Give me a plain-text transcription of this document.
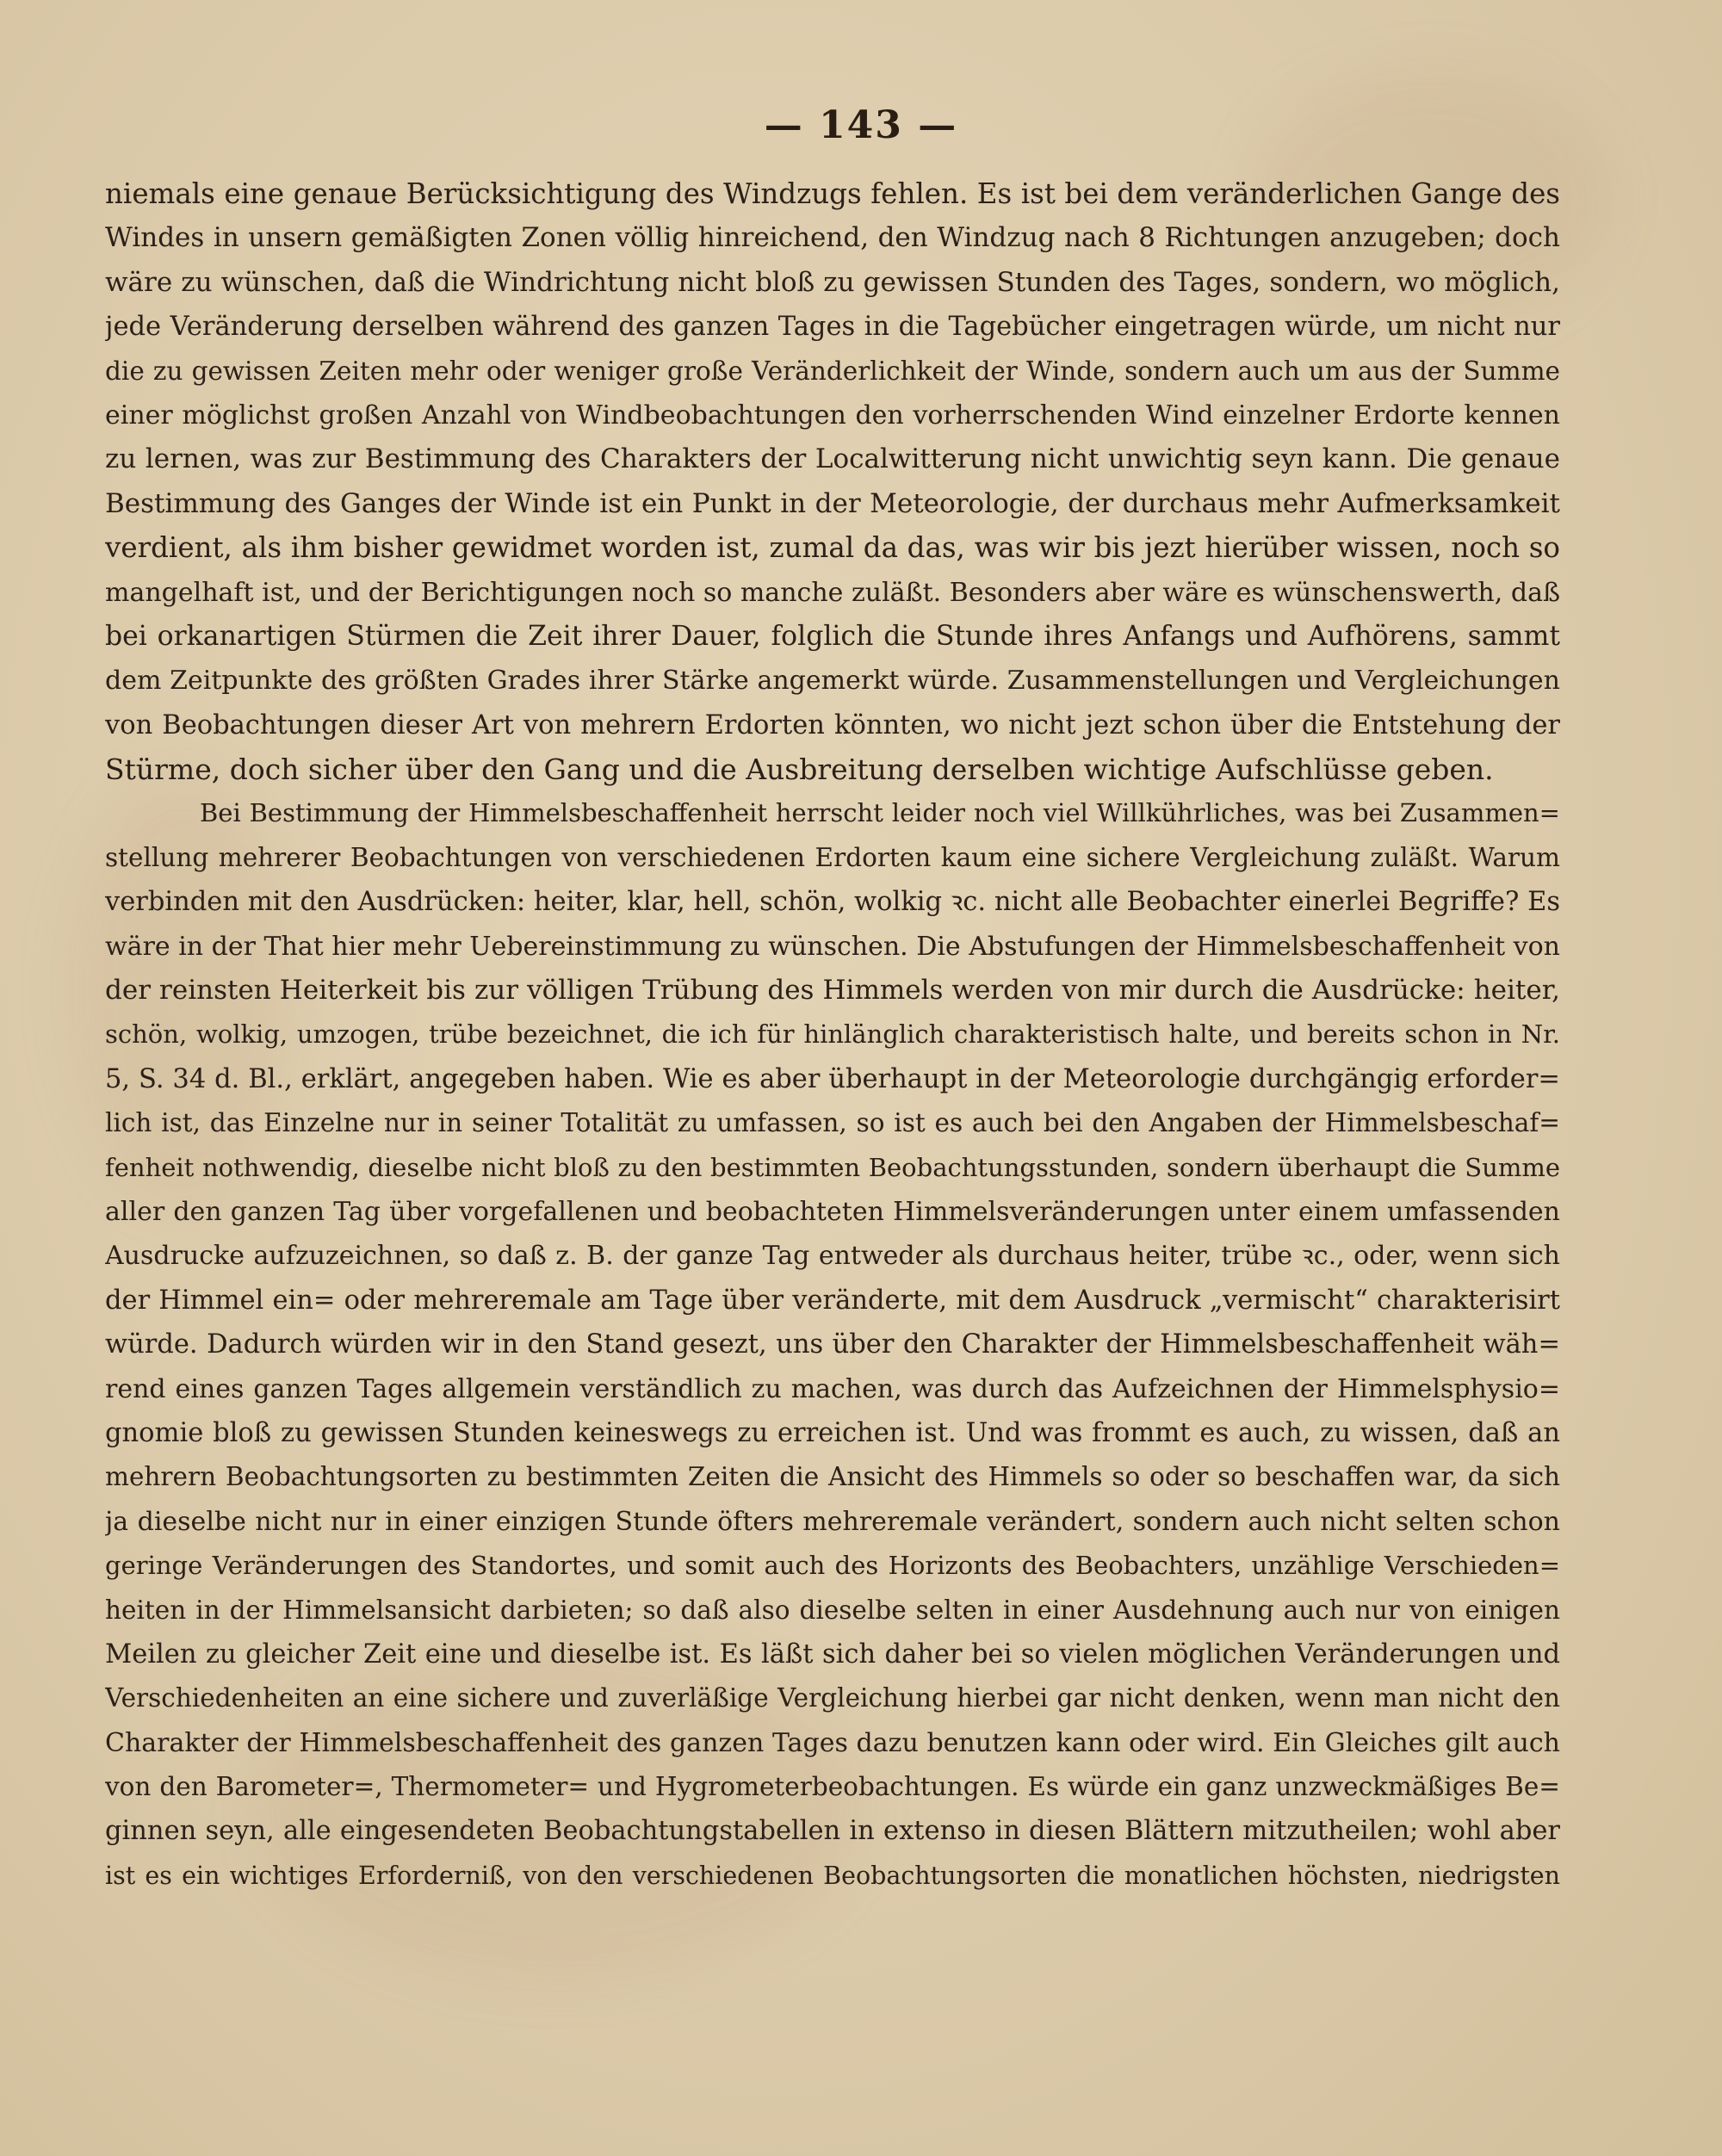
— 143 —
niemals eine genaue Berücksichtigung des Windzugs fehlen. Es ist bei dem veränderlichen Gange des
Windes in unsern gemäßigten Zonen völlig hinreichend, den Windzug nach 8 Richtungen anzugeben; doch
wäre zu wünschen, daß die Windrichtung nicht bloß zu gewissen Stunden des Tages, sondern, wo möglich,
jede Veränderung derselben während des ganzen Tages in die Tagebücher eingetragen würde, um nicht nur
die zu gewissen Zeiten mehr oder weniger große Veränderlichkeit der Winde, sondern auch um aus der Summe
einer möglichst großen Anzahl von Windbeobachtungen den vorherrschenden Wind einzelner Erdorte kennen
zu lernen, was zur Bestimmung des Charakters der Localwitterung nicht unwichtig seyn kann. Die genaue
Bestimmung des Ganges der Winde ist ein Punkt in der Meteorologie, der durchaus mehr Aufmerksamkeit
verdient, als ihm bisher gewidmet worden ist, zumal da das, was wir bis jezt hierüber wissen, noch so
mangelhaft ist, und der Berichtigungen noch so manche zuläßt. Besonders aber wäre es wünschenswerth, daß
bei orkanartigen Stürmen die Zeit ihrer Dauer, folglich die Stunde ihres Anfangs und Aufhörens, sammt
dem Zeitpunkte des größten Grades ihrer Stärke angemerkt würde. Zusammenstellungen und Vergleichungen
von Beobachtungen dieser Art von mehrern Erdorten könnten, wo nicht jezt schon über die Entstehung der
Stürme, doch sicher über den Gang und die Ausbreitung derselben wichtige Aufschlüsse geben.
Bei Bestimmung der Himmelsbeschaffenheit herrscht leider noch viel Willkührliches, was bei Zusammen=
stellung mehrerer Beobachtungen von verschiedenen Erdorten kaum eine sichere Vergleichung zuläßt. Warum
verbinden mit den Ausdrücken: heiter, klar, hell, schön, wolkig ꝛc. nicht alle Beobachter einerlei Begriffe? Es
wäre in der That hier mehr Uebereinstimmung zu wünschen. Die Abstufungen der Himmelsbeschaffenheit von
der reinsten Heiterkeit bis zur völligen Trübung des Himmels werden von mir durch die Ausdrücke: heiter,
schön, wolkig, umzogen, trübe bezeichnet, die ich für hinlänglich charakteristisch halte, und bereits schon in Nr.
5, S. 34 d. Bl., erklärt, angegeben haben. Wie es aber überhaupt in der Meteorologie durchgängig erforder=
lich ist, das Einzelne nur in seiner Totalität zu umfassen, so ist es auch bei den Angaben der Himmelsbeschaf=
fenheit nothwendig, dieselbe nicht bloß zu den bestimmten Beobachtungsstunden, sondern überhaupt die Summe
aller den ganzen Tag über vorgefallenen und beobachteten Himmelsveränderungen unter einem umfassenden
Ausdrucke aufzuzeichnen, so daß z. B. der ganze Tag entweder als durchaus heiter, trübe ꝛc., oder, wenn sich
der Himmel ein= oder mehreremale am Tage über veränderte, mit dem Ausdruck „vermischt“ charakterisirt
würde. Dadurch würden wir in den Stand gesezt, uns über den Charakter der Himmelsbeschaffenheit wäh=
rend eines ganzen Tages allgemein verständlich zu machen, was durch das Aufzeichnen der Himmelsphysio=
gnomie bloß zu gewissen Stunden keineswegs zu erreichen ist. Und was frommt es auch, zu wissen, daß an
mehrern Beobachtungsorten zu bestimmten Zeiten die Ansicht des Himmels so oder so beschaffen war, da sich
ja dieselbe nicht nur in einer einzigen Stunde öfters mehreremale verändert, sondern auch nicht selten schon
geringe Veränderungen des Standortes, und somit auch des Horizonts des Beobachters, unzählige Verschieden=
heiten in der Himmelsansicht darbieten; so daß also dieselbe selten in einer Ausdehnung auch nur von einigen
Meilen zu gleicher Zeit eine und dieselbe ist. Es läßt sich daher bei so vielen möglichen Veränderungen und
Verschiedenheiten an eine sichere und zuverläßige Vergleichung hierbei gar nicht denken, wenn man nicht den
Charakter der Himmelsbeschaffenheit des ganzen Tages dazu benutzen kann oder wird. Ein Gleiches gilt auch
von den Barometer=, Thermometer= und Hygrometerbeobachtungen. Es würde ein ganz unzweckmäßiges Be=
ginnen seyn, alle eingesendeten Beobachtungstabellen in extenso in diesen Blättern mitzutheilen; wohl aber
ist es ein wichtiges Erforderniß, von den verschiedenen Beobachtungsorten die monatlichen höchsten, niedrigsten
